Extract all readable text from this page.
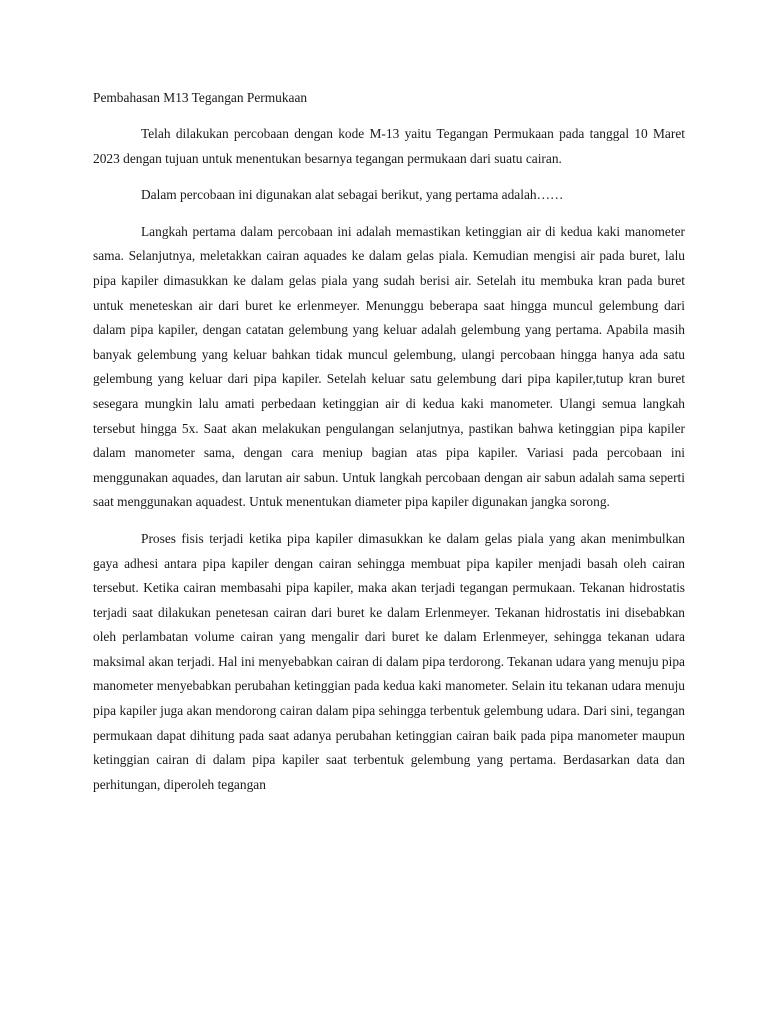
Pembahasan M13 Tegangan Permukaan

Telah dilakukan percobaan dengan kode M-13 yaitu Tegangan Permukaan pada tanggal 10 Maret 2023 dengan tujuan untuk menentukan besarnya tegangan permukaan dari suatu cairan.

Dalam percobaan ini digunakan alat sebagai berikut, yang pertama adalah……

Langkah pertama dalam percobaan ini adalah memastikan ketinggian air di kedua kaki manometer sama. Selanjutnya, meletakkan cairan aquades ke dalam gelas piala. Kemudian mengisi air pada buret, lalu pipa kapiler dimasukkan ke dalam gelas piala yang sudah berisi air. Setelah itu membuka kran pada buret untuk meneteskan air dari buret ke erlenmeyer. Menunggu beberapa saat hingga muncul gelembung dari dalam pipa kapiler, dengan catatan gelembung yang keluar adalah gelembung yang pertama. Apabila masih banyak gelembung yang keluar bahkan tidak muncul gelembung, ulangi percobaan hingga hanya ada satu gelembung yang keluar dari pipa kapiler. Setelah keluar satu gelembung dari pipa kapiler,tutup kran buret sesegara mungkin lalu amati perbedaan ketinggian air di kedua kaki manometer. Ulangi semua langkah tersebut hingga 5x. Saat akan melakukan pengulangan selanjutnya, pastikan bahwa ketinggian pipa kapiler dalam manometer sama, dengan cara meniup bagian atas pipa kapiler. Variasi pada percobaan ini menggunakan aquades, dan larutan air sabun. Untuk langkah percobaan dengan air sabun adalah sama seperti saat menggunakan aquadest. Untuk menentukan diameter pipa kapiler digunakan jangka sorong.

Proses fisis terjadi ketika pipa kapiler dimasukkan ke dalam gelas piala yang akan menimbulkan gaya adhesi antara pipa kapiler dengan cairan sehingga membuat pipa kapiler menjadi basah oleh cairan tersebut. Ketika cairan membasahi pipa kapiler, maka akan terjadi tegangan permukaan. Tekanan hidrostatis terjadi saat dilakukan penetesan cairan dari buret ke dalam Erlenmeyer. Tekanan hidrostatis ini disebabkan oleh perlambatan volume cairan yang mengalir dari buret ke dalam Erlenmeyer, sehingga tekanan udara maksimal akan terjadi. Hal ini menyebabkan cairan di dalam pipa terdorong. Tekanan udara yang menuju pipa manometer menyebabkan perubahan ketinggian pada kedua kaki manometer. Selain itu tekanan udara menuju pipa kapiler juga akan mendorong cairan dalam pipa sehingga terbentuk gelembung udara. Dari sini, tegangan permukaan dapat dihitung pada saat adanya perubahan ketinggian cairan baik pada pipa manometer maupun ketinggian cairan di dalam pipa kapiler saat terbentuk gelembung yang pertama. Berdasarkan data dan perhitungan, diperoleh tegangan
